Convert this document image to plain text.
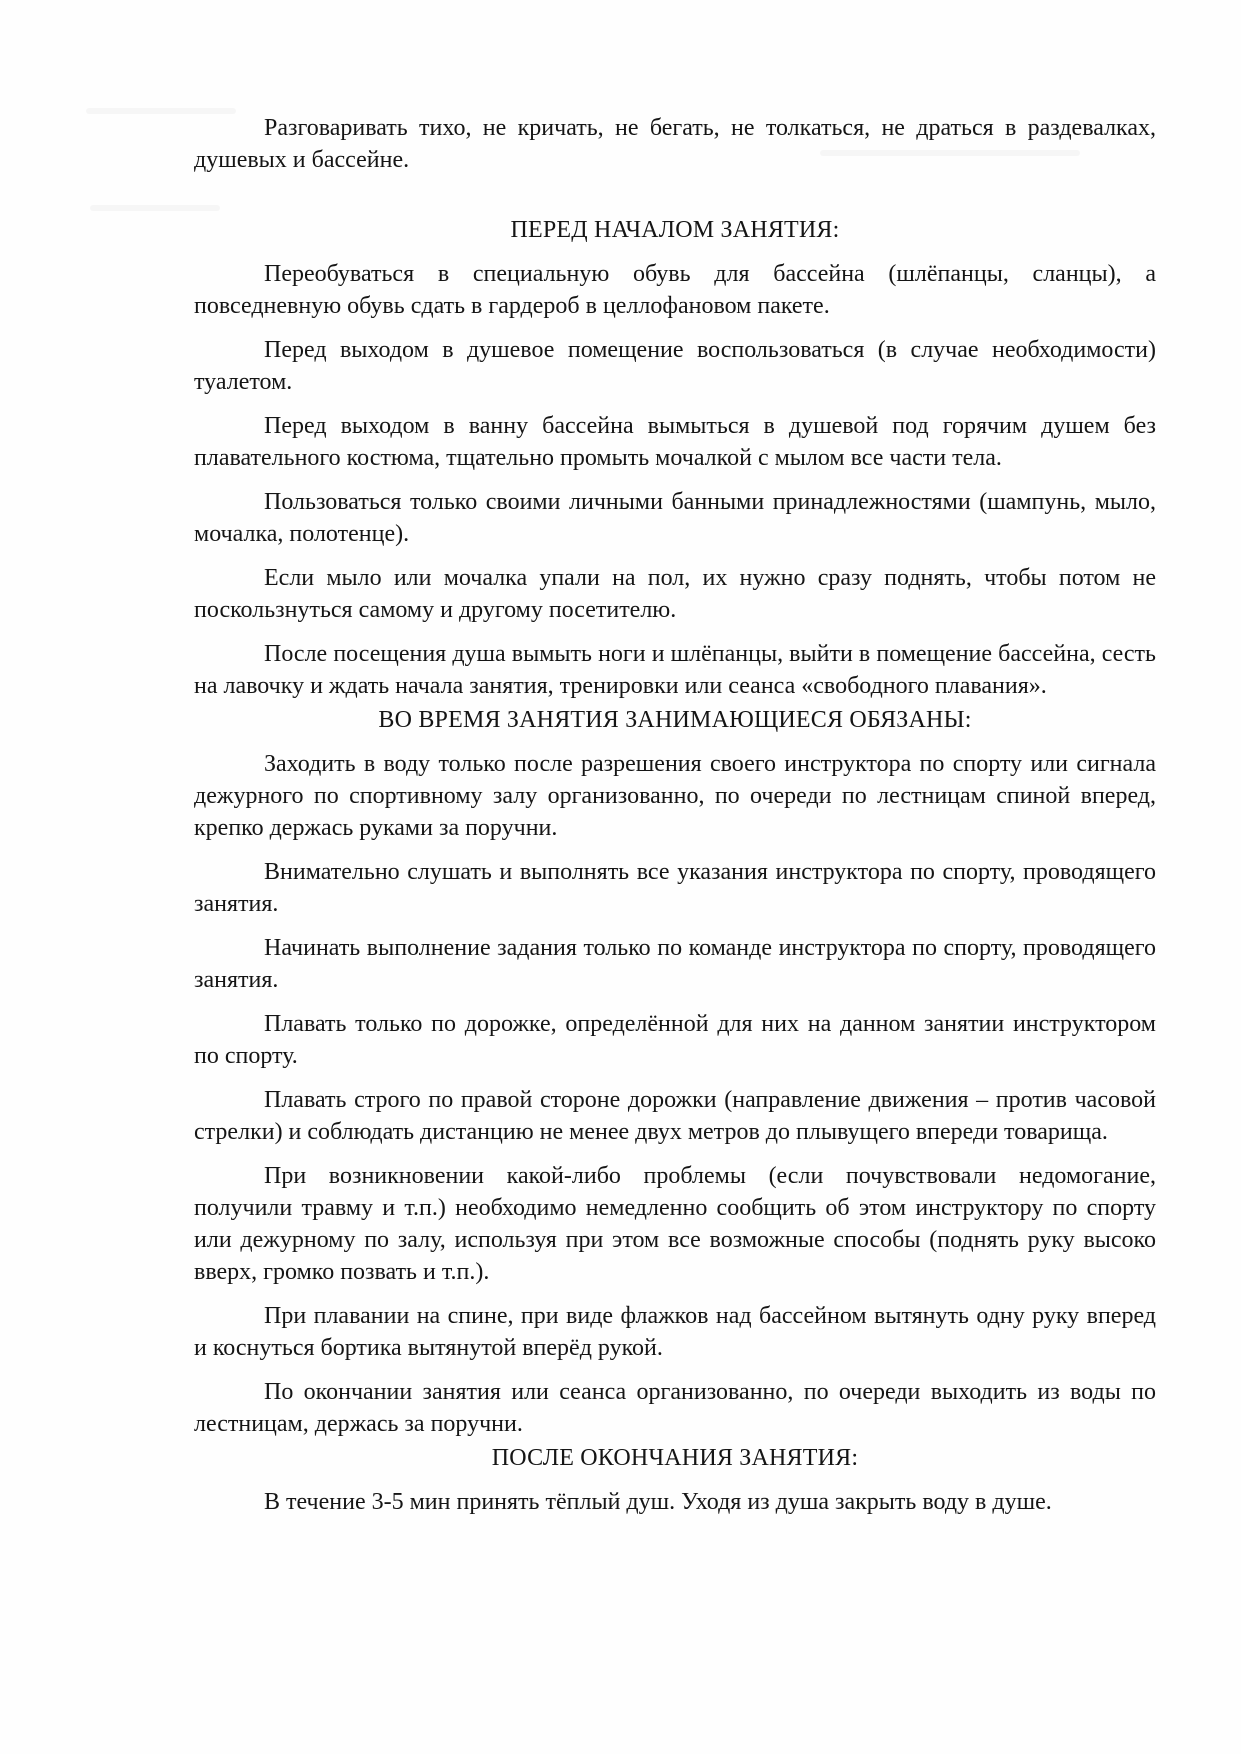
Разговаривать тихо, не кричать, не бегать, не толкаться, не драться в раздевалках, душевых и бассейне.

ПЕРЕД НАЧАЛОМ ЗАНЯТИЯ:

Переобуваться в специальную обувь для бассейна (шлёпанцы, сланцы), а повседневную обувь сдать в гардероб в целлофановом пакете.

Перед выходом в душевое помещение воспользоваться (в случае необходимости) туалетом.

Перед выходом в ванну бассейна вымыться в душевой под горячим душем без плавательного костюма, тщательно промыть мочалкой с мылом все части тела.

Пользоваться только своими личными банными принадлежностями (шампунь, мыло, мочалка, полотенце).

Если мыло или мочалка упали на пол, их нужно сразу поднять, чтобы потом не поскользнуться самому и другому посетителю.

После посещения душа вымыть ноги и шлёпанцы, выйти в помещение бассейна, сесть на лавочку и ждать начала занятия, тренировки или сеанса «свободного плавания».

ВО ВРЕМЯ ЗАНЯТИЯ ЗАНИМАЮЩИЕСЯ ОБЯЗАНЫ:

Заходить в воду только после разрешения своего инструктора по спорту или сигнала дежурного по спортивному залу организованно, по очереди по лестницам спиной вперед, крепко держась руками за поручни.

Внимательно слушать и выполнять все указания инструктора по спорту, проводящего занятия.

Начинать выполнение задания только по команде инструктора по спорту, проводящего занятия.

Плавать только по дорожке, определённой для них на данном занятии инструктором по спорту.

Плавать строго по правой стороне дорожки (направление движения – против часовой стрелки) и соблюдать дистанцию не менее двух метров до плывущего впереди товарища.

При возникновении какой-либо проблемы (если почувствовали недомогание, получили травму и т.п.) необходимо немедленно сообщить об этом инструктору по спорту или дежурному по залу, используя при этом все возможные способы (поднять руку высоко вверх, громко позвать и т.п.).

При плавании на спине, при виде флажков над бассейном вытянуть одну руку вперед и коснуться бортика вытянутой вперёд рукой.

По окончании занятия или сеанса организованно, по очереди выходить из воды по лестницам, держась за поручни.

ПОСЛЕ ОКОНЧАНИЯ ЗАНЯТИЯ:

В течение 3-5 мин принять тёплый душ. Уходя из душа закрыть воду в душе.
